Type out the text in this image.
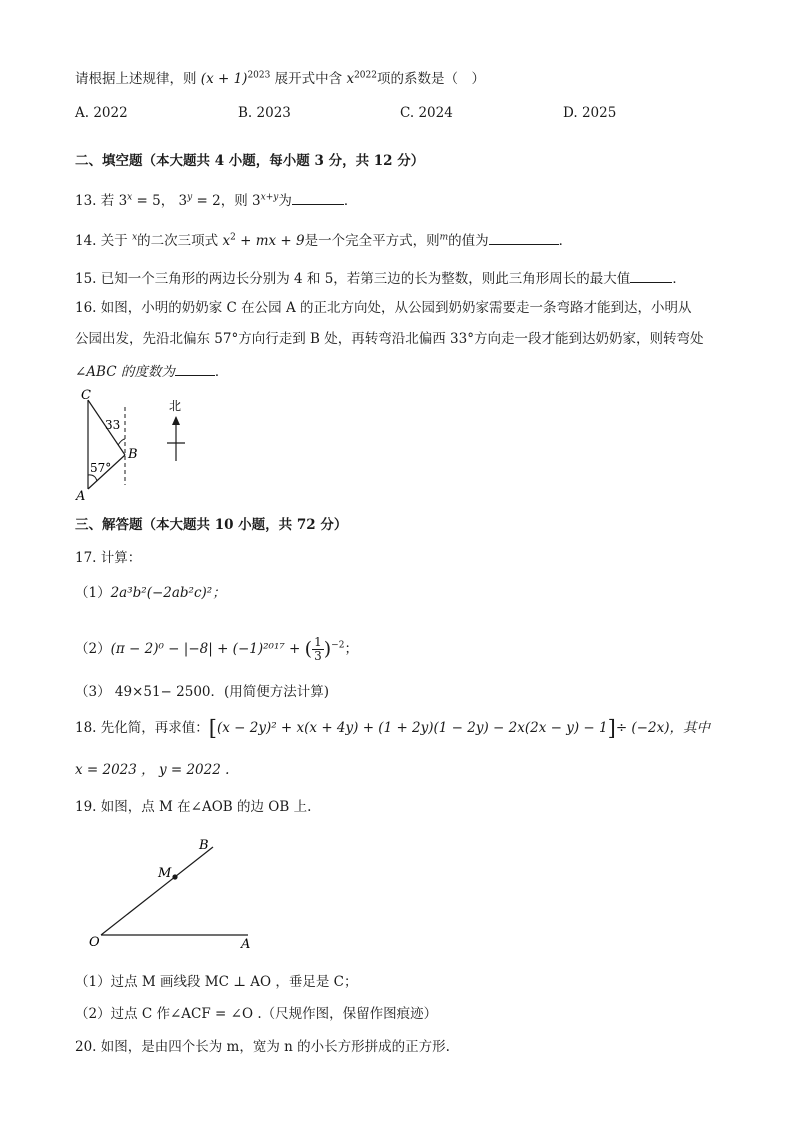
请根据上述规律，则 $(x + 1)^{2023}$ 展开式中含 $x^{2022}$项的系数是（　）
A. 2022	B. 2023	C. 2024	D. 2025
二、填空题（本大题共 4 小题，每小题 3 分，共 12 分）
13. 若 $3^x = 5$， $3^y = 2$，则 $3^{x+y}$为	．
14. 关于 $^x$的二次三项式 $x^2$ + mx + 9是一个完全平方式，则$^m$的值为	．
15. 已知一个三角形的两边长分别为 4 和 5，若第三边的长为整数，则此三角形周长的最大值	．
16. 如图，小明的奶奶家 C 在公园 A 的正北方向处，从公园到奶奶家需要走一条弯路才能到达，小明从
公园出发，先沿北偏东 57°方向行走到 B 处，再转弯沿北偏西 33°方向走一段才能到达奶奶家，则转弯处
∠ABC 的度数为	．
C
B
A
33
57°
北
三、解答题（本大题共 10 小题，共 72 分）
17. 计算：
（1）2a³b²(−2ab²c)²；
（2）(π − 2)⁰ − |−8| + (−1)²⁰¹⁷ + ( $\frac{1}{3} )^{-2}$；
（3） 49×51− 2500．(用简便方法计算)
18. 先化简，再求值：[(x − 2y)² + x(x + 4y) + (1 + 2y)(1 − 2y) − 2x(2x − y) − 1]÷ (−2x)，其中
x = 2023 ， y = 2022 .
19. 如图，点 M 在∠AOB 的边 OB 上.
B
M
O	A
（1）过点 M 画线段 MC ⊥ AO ，垂足是 C；
（2）过点 C 作∠ACF = ∠O .（尺规作图，保留作图痕迹）
20. 如图，是由四个长为 m，宽为 n 的小长方形拼成的正方形.
